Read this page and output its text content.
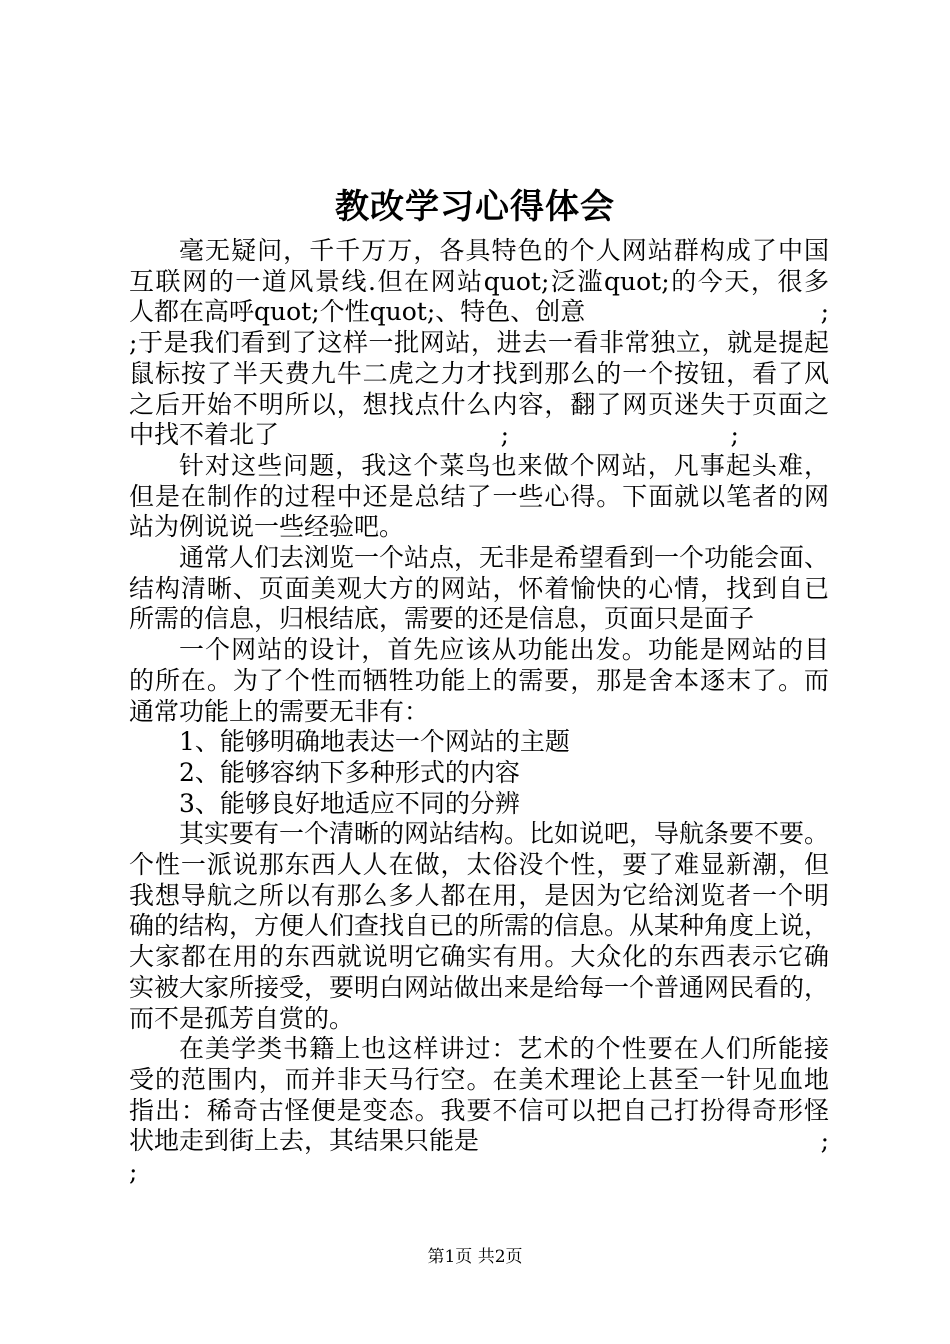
教改学习心得体会

毫无疑问，千千万万，各具特色的个人网站群构成了中国
互联网的一道风景线.但在网站quot;泛滥quot;的今天，很多
人都在高呼quot;个性quot;、特色、创意	;
;于是我们看到了这样一批网站，进去一看非常独立，就是提起
鼠标按了半天费九牛二虎之力才找到那么的一个按钮，看了风
之后开始不明所以，想找点什么内容，翻了网页迷失于页面之
中找不着北了	;	;

针对这些问题，我这个菜鸟也来做个网站，凡事起头难，
但是在制作的过程中还是总结了一些心得。下面就以笔者的网
站为例说说一些经验吧。

通常人们去浏览一个站点，无非是希望看到一个功能会面、
结构清晰、页面美观大方的网站，怀着愉快的心情，找到自已
所需的信息，归根结底，需要的还是信息，页面只是面子

一个网站的设计，首先应该从功能出发。功能是网站的目
的所在。为了个性而牺牲功能上的需要，那是舍本逐末了。而
通常功能上的需要无非有：

1、能够明确地表达一个网站的主题
2、能够容纳下多种形式的内容
3、能够良好地适应不同的分辨

其实要有一个清晰的网站结构。比如说吧，导航条要不要。
个性一派说那东西人人在做，太俗没个性，要了难显新潮，但
我想导航之所以有那么多人都在用，是因为它给浏览者一个明
确的结构，方便人们查找自已的所需的信息。从某种角度上说，
大家都在用的东西就说明它确实有用。大众化的东西表示它确
实被大家所接受，要明白网站做出来是给每一个普通网民看的，
而不是孤芳自赏的。

在美学类书籍上也这样讲过：艺术的个性要在人们所能接
受的范围内，而并非天马行空。在美术理论上甚至一针见血地
指出：稀奇古怪便是变态。我要不信可以把自己打扮得奇形怪
状地走到街上去，其结果只能是	;
;

第1页 共2页
